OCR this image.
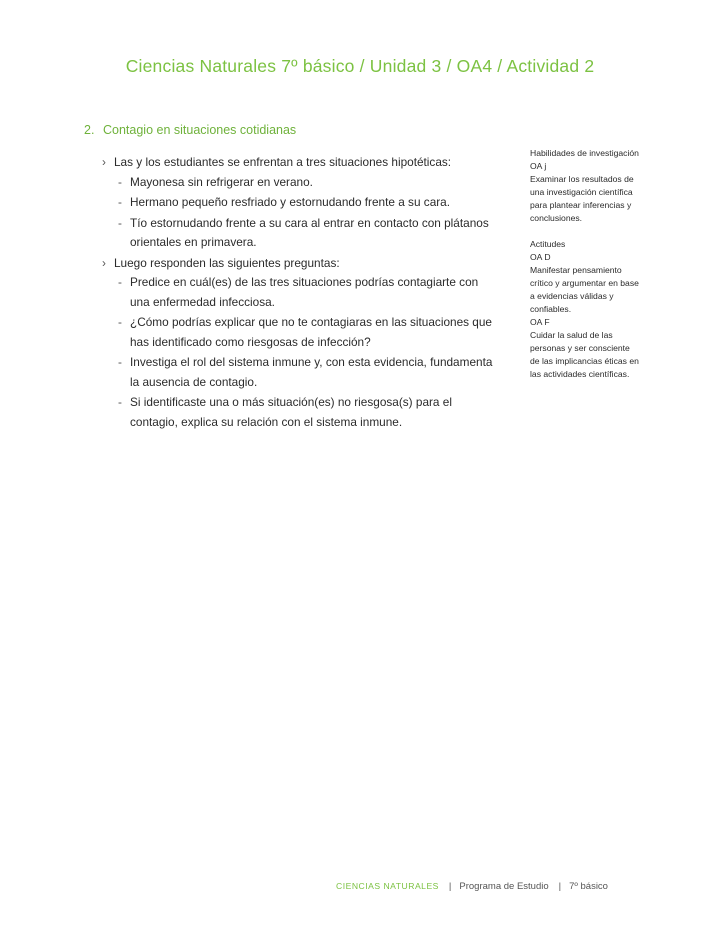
Ciencias Naturales 7º básico / Unidad 3 / OA4 / Actividad 2
2. Contagio en situaciones cotidianas
› Las y los estudiantes se enfrentan a tres situaciones hipotéticas:
- Mayonesa sin refrigerar en verano.
- Hermano pequeño resfriado y estornudando frente a su cara.
- Tío estornudando frente a su cara al entrar en contacto con plátanos orientales en primavera.
› Luego responden las siguientes preguntas:
- Predice en cuál(es) de las tres situaciones podrías contagiarte con una enfermedad infecciosa.
- ¿Cómo podrías explicar que no te contagiaras en las situaciones que has identificado como riesgosas de infección?
- Investiga el rol del sistema inmune y, con esta evidencia, fundamenta la ausencia de contagio.
- Si identificaste una o más situación(es) no riesgosa(s) para el contagio, explica su relación con el sistema inmune.
Habilidades de investigación
OA j
Examinar los resultados de una investigación científica para plantear inferencias y conclusiones.
Actitudes
OA D
Manifestar pensamiento crítico y argumentar en base a evidencias válidas y confiables.
OA F
Cuidar la salud de las personas y ser consciente de las implicancias éticas en las actividades científicas.
CIENCIAS NATURALES | Programa de Estudio | 7º básico
